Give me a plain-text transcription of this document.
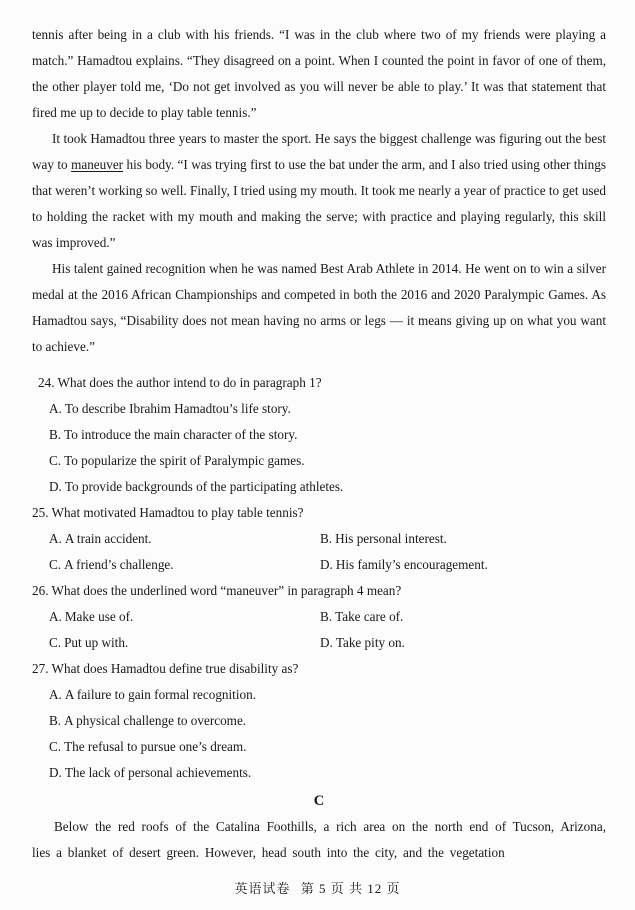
tennis after being in a club with his friends. “I was in the club where two of my friends were playing a match.” Hamadtou explains. “They disagreed on a point. When I counted the point in favor of one of them, the other player told me, ‘Do not get involved as you will never be able to play.’ It was that statement that fired me up to decide to play table tennis.”

It took Hamadtou three years to master the sport. He says the biggest challenge was figuring out the best way to maneuver his body. “I was trying first to use the bat under the arm, and I also tried using other things that weren’t working so well. Finally, I tried using my mouth. It took me nearly a year of practice to get used to holding the racket with my mouth and making the serve; with practice and playing regularly, this skill was improved.”

His talent gained recognition when he was named Best Arab Athlete in 2014. He went on to win a silver medal at the 2016 African Championships and competed in both the 2016 and 2020 Paralympic Games. As Hamadtou says, “Disability does not mean having no arms or legs — it means giving up on what you want to achieve.”

24. What does the author intend to do in paragraph 1?
A. To describe Ibrahim Hamadtou’s life story.
B. To introduce the main character of the story.
C. To popularize the spirit of Paralympic games.
D. To provide backgrounds of the participating athletes.
25. What motivated Hamadtou to play table tennis?
A. A train accident.	B. His personal interest.
C. A friend’s challenge.	D. His family’s encouragement.
26. What does the underlined word “maneuver” in paragraph 4 mean?
A. Make use of.	B. Take care of.
C. Put up with.	D. Take pity on.
27. What does Hamadtou define true disability as?
A. A failure to gain formal recognition.
B. A physical challenge to overcome.
C. The refusal to pursue one’s dream.
D. The lack of personal achievements.
C

Below the red roofs of the Catalina Foothills, a rich area on the north end of Tucson, Arizona, lies a blanket of desert green. However, head south into the city, and the vegetation

英语试卷 第 5 页 共 12 页
